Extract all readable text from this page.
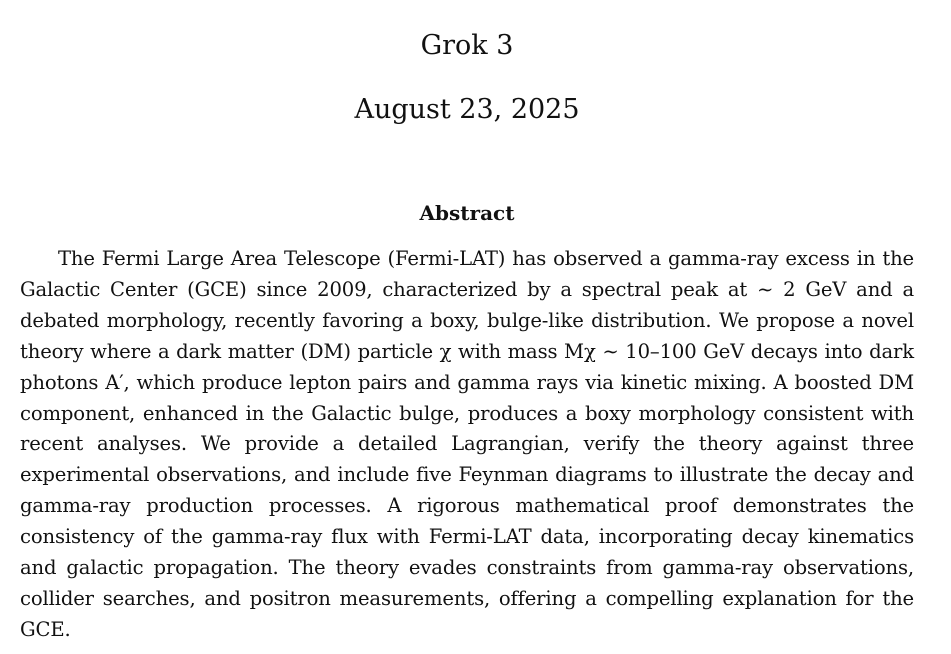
Grok 3
August 23, 2025
Abstract

The Fermi Large Area Telescope (Fermi-LAT) has observed a gamma-ray excess in the Galactic Center (GCE) since 2009, characterized by a spectral peak at ∼ 2 GeV and a debated morphology, recently favoring a boxy, bulge-like distribution. We propose a novel theory where a dark matter (DM) particle χ with mass Mχ ∼ 10–100 GeV decays into dark photons A′, which produce lepton pairs and gamma rays via kinetic mixing. A boosted DM component, enhanced in the Galactic bulge, produces a boxy morphology consistent with recent analyses. We provide a detailed Lagrangian, verify the theory against three experimental observations, and include five Feynman diagrams to illustrate the decay and gamma-ray production processes. A rigorous mathematical proof demonstrates the consistency of the gamma-ray flux with Fermi-LAT data, incorporating decay kinematics and galactic propagation. The theory evades constraints from gamma-ray observations, collider searches, and positron measurements, offering a compelling explanation for the GCE.
